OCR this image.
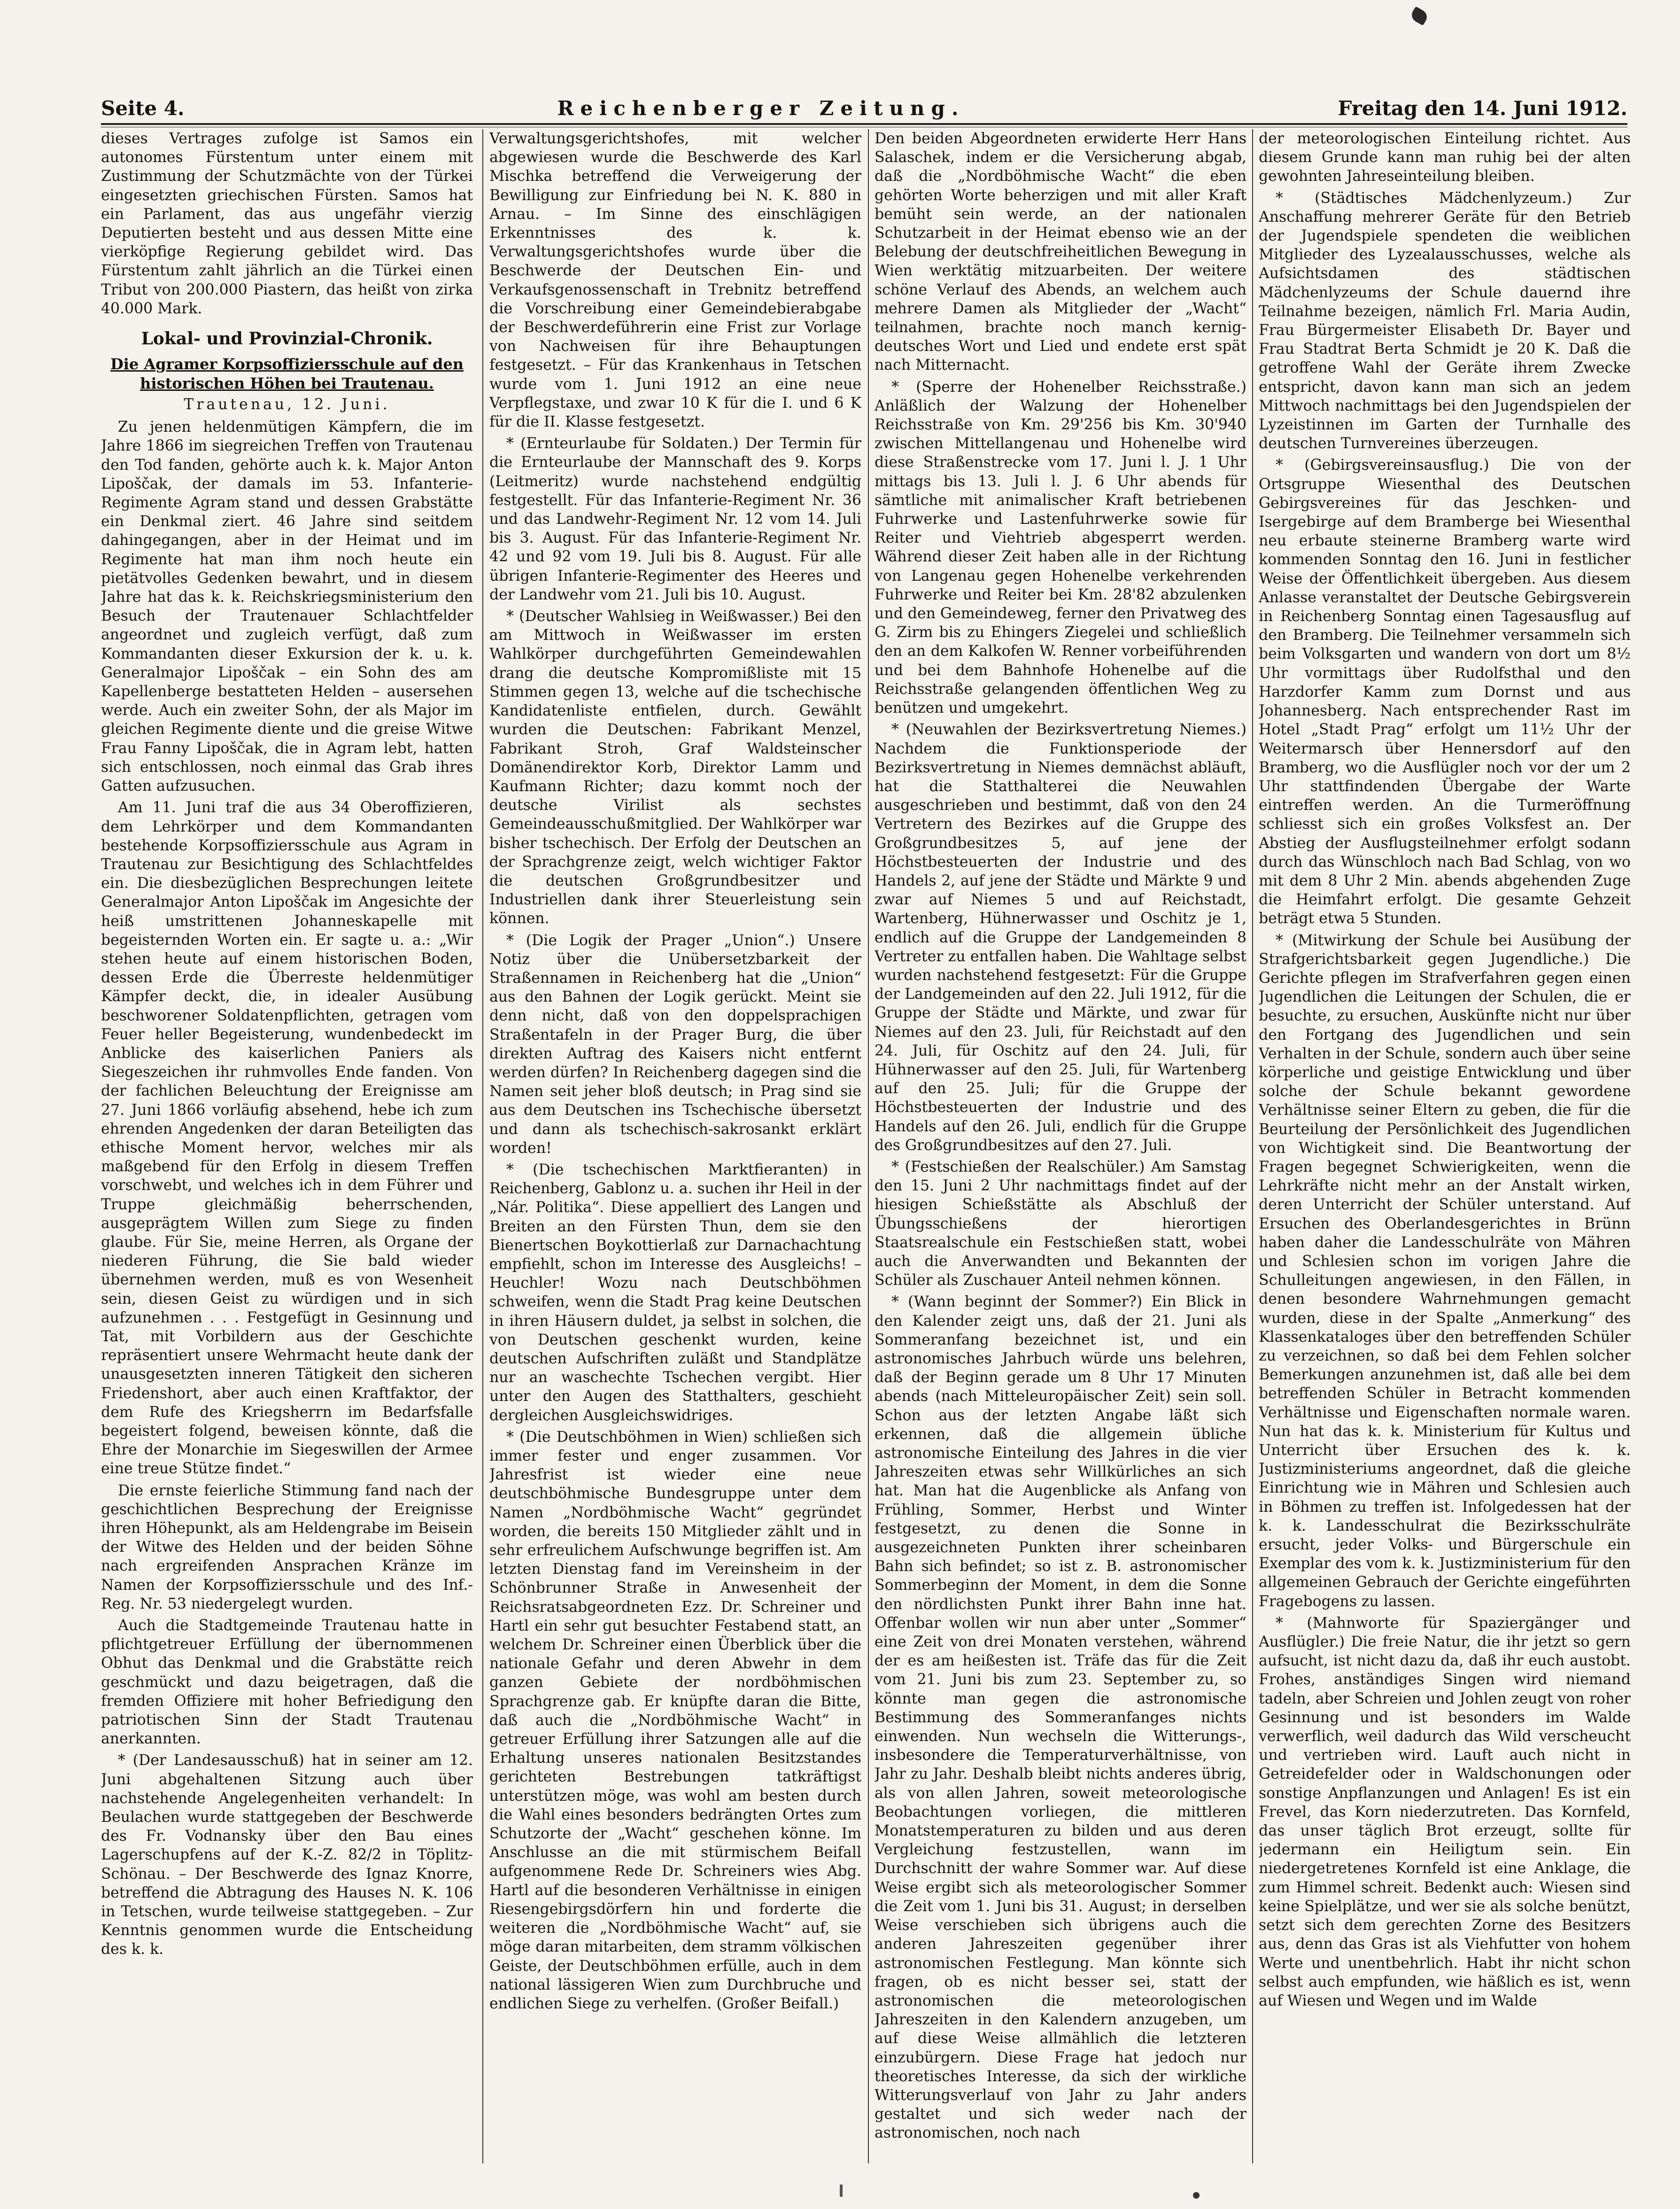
Seite 4.	Reichenberger Zeitung.	Freitag den 14. Juni 1912.

dieses Vertrages zufolge ist Samos ein autonomes Fürstentum unter einem mit Zustimmung der Schutzmächte von der Türkei eingesetzten griechischen Fürsten. Samos hat ein Parlament, das aus ungefähr vierzig Deputierten besteht und aus dessen Mitte eine vierköpfige Regierung gebildet wird. Das Fürstentum zahlt jährlich an die Türkei einen Tribut von 200.000 Piastern, das heißt von zirka 40.000 Mark.

Lokal- und Provinzial-Chronik.
Die Agramer Korpsoffiziersschule auf den historischen Höhen bei Trautenau.

Trautenau, 12. Juni.

Zu jenen heldenmütigen Kämpfern, die im Jahre 1866 im siegreichen Treffen von Trautenau den Tod fanden, gehörte auch k. k. Major Anton Lipoščak, der damals im 53. Infanterie-Regimente Agram stand und dessen Grabstätte ein Denkmal ziert. 46 Jahre sind seitdem dahingegangen, aber in der Heimat und im Regimente hat man ihm noch heute ein pietätvolles Gedenken bewahrt, und in diesem Jahre hat das k. k. Reichskriegsministerium den Besuch der Trautenauer Schlachtfelder angeordnet und zugleich verfügt, daß zum Kommandanten dieser Exkursion der k. u. k. Generalmajor Lipoščak – ein Sohn des am Kapellenberge bestatteten Helden – ausersehen werde. Auch ein zweiter Sohn, der als Major im gleichen Regimente diente und die greise Witwe Frau Fanny Lipoščak, die in Agram lebt, hatten sich entschlossen, noch einmal das Grab ihres Gatten aufzusuchen.

Am 11. Juni traf die aus 34 Oberoffizieren, dem Lehrkörper und dem Kommandanten bestehende Korpsoffiziersschule aus Agram in Trautenau zur Besichtigung des Schlachtfeldes ein. Die diesbezüglichen Besprechungen leitete Generalmajor Anton Lipoščak im Angesichte der heiß umstrittenen Johanneskapelle mit begeisternden Worten ein. Er sagte u. a.: „Wir stehen heute auf einem historischen Boden, dessen Erde die Überreste heldenmütiger Kämpfer deckt, die, in idealer Ausübung beschworener Soldatenpflichten, getragen vom Feuer heller Begeisterung, wundenbedeckt im Anblicke des kaiserlichen Paniers als Siegeszeichen ihr ruhmvolles Ende fanden. Von der fachlichen Beleuchtung der Ereignisse am 27. Juni 1866 vorläufig absehend, hebe ich zum ehrenden Angedenken der daran Beteiligten das ethische Moment hervor, welches mir als maßgebend für den Erfolg in diesem Treffen vorschwebt, und welches ich in dem Führer und Truppe gleichmäßig beherrschenden, ausgeprägtem Willen zum Siege zu finden glaube. Für Sie, meine Herren, als Organe der niederen Führung, die Sie bald wieder übernehmen werden, muß es von Wesenheit sein, diesen Geist zu würdigen und in sich aufzunehmen . . . Festgefügt in Gesinnung und Tat, mit Vorbildern aus der Geschichte repräsentiert unsere Wehrmacht heute dank der unausgesetzten inneren Tätigkeit den sicheren Friedenshort, aber auch einen Kraftfaktor, der dem Rufe des Kriegsherrn im Bedarfsfalle begeistert folgend, beweisen könnte, daß die Ehre der Monarchie im Siegeswillen der Armee eine treue Stütze findet.“

Die ernste feierliche Stimmung fand nach der geschichtlichen Besprechung der Ereignisse ihren Höhepunkt, als am Heldengrabe im Beisein der Witwe des Helden und der beiden Söhne nach ergreifenden Ansprachen Kränze im Namen der Korpsoffiziersschule und des Inf.-Reg. Nr. 53 niedergelegt wurden.

Auch die Stadtgemeinde Trautenau hatte in pflichtgetreuer Erfüllung der übernommenen Obhut das Denkmal und die Grabstätte reich geschmückt und dazu beigetragen, daß die fremden Offiziere mit hoher Befriedigung den patriotischen Sinn der Stadt Trautenau anerkannten.

* (Der Landesausschuß) hat in seiner am 12. Juni abgehaltenen Sitzung auch über nachstehende Angelegenheiten verhandelt: In Beulachen wurde stattgegeben der Beschwerde des Fr. Vodnansky über den Bau eines Lagerschupfens auf der K.-Z. 82/2 in Töplitz-Schönau. – Der Beschwerde des Ignaz Knorre, betreffend die Abtragung des Hauses N. K. 106 in Tetschen, wurde teilweise stattgegeben. – Zur Kenntnis genommen wurde die Entscheidung des k. k.

Verwaltungsgerichtshofes, mit welcher abgewiesen wurde die Beschwerde des Karl Mischka betreffend die Verweigerung der Bewilligung zur Einfriedung bei N. K. 880 in Arnau. – Im Sinne des einschlägigen Erkenntnisses des k. k. Verwaltungsgerichtshofes wurde über die Beschwerde der Deutschen Ein- und Verkaufsgenossenschaft in Trebnitz betreffend die Vorschreibung einer Gemeindebierabgabe der Beschwerdeführerin eine Frist zur Vorlage von Nachweisen für ihre Behauptungen festgesetzt. – Für das Krankenhaus in Tetschen wurde vom 1. Juni 1912 an eine neue Verpflegstaxe, und zwar 10 K für die I. und 6 K für die II. Klasse festgesetzt.

* (Ernteurlaube für Soldaten.) Der Termin für die Ernteurlaube der Mannschaft des 9. Korps (Leitmeritz) wurde nachstehend endgültig festgestellt. Für das Infanterie-Regiment Nr. 36 und das Landwehr-Regiment Nr. 12 vom 14. Juli bis 3. August. Für das Infanterie-Regiment Nr. 42 und 92 vom 19. Juli bis 8. August. Für alle übrigen Infanterie-Regimenter des Heeres und der Landwehr vom 21. Juli bis 10. August.

* (Deutscher Wahlsieg in Weißwasser.) Bei den am Mittwoch in Weißwasser im ersten Wahlkörper durchgeführten Gemeindewahlen drang die deutsche Kompromißliste mit 15 Stimmen gegen 13, welche auf die tschechische Kandidatenliste entfielen, durch. Gewählt wurden die Deutschen: Fabrikant Menzel, Fabrikant Stroh, Graf Waldsteinscher Domänendirektor Korb, Direktor Lamm und Kaufmann Richter; dazu kommt noch der deutsche Virilist als sechstes Gemeindeausschußmitglied. Der Wahlkörper war bisher tschechisch. Der Erfolg der Deutschen an der Sprachgrenze zeigt, welch wichtiger Faktor die deutschen Großgrundbesitzer und Industriellen dank ihrer Steuerleistung sein können.

* (Die Logik der Prager „Union“.) Unsere Notiz über die Unübersetzbarkeit der Straßennamen in Reichenberg hat die „Union“ aus den Bahnen der Logik gerückt. Meint sie denn nicht, daß von den doppelsprachigen Straßentafeln in der Prager Burg, die über direkten Auftrag des Kaisers nicht entfernt werden dürfen? In Reichenberg dagegen sind die Namen seit jeher bloß deutsch; in Prag sind sie aus dem Deutschen ins Tschechische übersetzt und dann als tschechisch-sakrosankt erklärt worden!

* (Die tschechischen Marktfieranten) in Reichenberg, Gablonz u. a. suchen ihr Heil in der „Nár. Politika“. Diese appelliert des Langen und Breiten an den Fürsten Thun, dem sie den Bienertschen Boykottierlaß zur Darnachachtung empfiehlt, schon im Interesse des Ausgleichs! – Heuchler! Wozu nach Deutschböhmen schweifen, wenn die Stadt Prag keine Deutschen in ihren Häusern duldet, ja selbst in solchen, die von Deutschen geschenkt wurden, keine deutschen Aufschriften zuläßt und Standplätze nur an waschechte Tschechen vergibt. Hier unter den Augen des Statthalters, geschieht dergleichen Ausgleichswidriges.

* (Die Deutschböhmen in Wien) schließen sich immer fester und enger zusammen. Vor Jahresfrist ist wieder eine neue deutschböhmische Bundesgruppe unter dem Namen „Nordböhmische Wacht“ gegründet worden, die bereits 150 Mitglieder zählt und in sehr erfreulichem Aufschwunge begriffen ist. Am letzten Dienstag fand im Vereinsheim in der Schönbrunner Straße in Anwesenheit der Reichsratsabgeordneten Ezz. Dr. Schreiner und Hartl ein sehr gut besuchter Festabend statt, an welchem Dr. Schreiner einen Überblick über die nationale Gefahr und deren Abwehr in dem ganzen Gebiete der nordböhmischen Sprachgrenze gab. Er knüpfte daran die Bitte, daß auch die „Nordböhmische Wacht“ in getreuer Erfüllung ihrer Satzungen alle auf die Erhaltung unseres nationalen Besitzstandes gerichteten Bestrebungen tatkräftigst unterstützen möge, was wohl am besten durch die Wahl eines besonders bedrängten Ortes zum Schutzorte der „Wacht“ geschehen könne. Im Anschlusse an die mit stürmischem Beifall aufgenommene Rede Dr. Schreiners wies Abg. Hartl auf die besonderen Verhältnisse in einigen Riesengebirgsdörfern hin und forderte die weiteren die „Nordböhmische Wacht“ auf, sie möge daran mitarbeiten, dem stramm völkischen Geiste, der Deutschböhmen erfülle, auch in dem national lässigeren Wien zum Durchbruche und endlichen Siege zu verhelfen. (Großer Beifall.)

Den beiden Abgeordneten erwiderte Herr Hans Salaschek, indem er die Versicherung abgab, daß die „Nordböhmische Wacht“ die eben gehörten Worte beherzigen und mit aller Kraft bemüht sein werde, an der nationalen Schutzarbeit in der Heimat ebenso wie an der Belebung der deutschfreiheitlichen Bewegung in Wien werktätig mitzuarbeiten. Der weitere schöne Verlauf des Abends, an welchem auch mehrere Damen als Mitglieder der „Wacht“ teilnahmen, brachte noch manch kernig-deutsches Wort und Lied und endete erst spät nach Mitternacht.

* (Sperre der Hohenelber Reichsstraße.) Anläßlich der Walzung der Hohenelber Reichsstraße von Km. 29'256 bis Km. 30'940 zwischen Mittellangenau und Hohenelbe wird diese Straßenstrecke vom 17. Juni l. J. 1 Uhr mittags bis 13. Juli l. J. 6 Uhr abends für sämtliche mit animalischer Kraft betriebenen Fuhrwerke und Lastenfuhrwerke sowie für Reiter und Viehtrieb abgesperrt werden. Während dieser Zeit haben alle in der Richtung von Langenau gegen Hohenelbe verkehrenden Fuhrwerke und Reiter bei Km. 28'82 abzulenken und den Gemeindeweg, ferner den Privatweg des G. Zirm bis zu Ehingers Ziegelei und schließlich den an dem Kalkofen W. Renner vorbeiführenden und bei dem Bahnhofe Hohenelbe auf die Reichsstraße gelangenden öffentlichen Weg zu benützen und umgekehrt.

* (Neuwahlen der Bezirksvertretung Niemes.) Nachdem die Funktionsperiode der Bezirksvertretung in Niemes demnächst abläuft, hat die Statthalterei die Neuwahlen ausgeschrieben und bestimmt, daß von den 24 Vertretern des Bezirkes auf die Gruppe des Großgrundbesitzes 5, auf jene der Höchstbesteuerten der Industrie und des Handels 2, auf jene der Städte und Märkte 9 und zwar auf Niemes 5 und auf Reichstadt, Wartenberg, Hühnerwasser und Oschitz je 1, endlich auf die Gruppe der Landgemeinden 8 Vertreter zu entfallen haben. Die Wahltage selbst wurden nachstehend festgesetzt: Für die Gruppe der Landgemeinden auf den 22. Juli 1912, für die Gruppe der Städte und Märkte, und zwar für Niemes auf den 23. Juli, für Reichstadt auf den 24. Juli, für Oschitz auf den 24. Juli, für Hühnerwasser auf den 25. Juli, für Wartenberg auf den 25. Juli; für die Gruppe der Höchstbesteuerten der Industrie und des Handels auf den 26. Juli, endlich für die Gruppe des Großgrundbesitzes auf den 27. Juli.

* (Festschießen der Realschüler.) Am Samstag den 15. Juni 2 Uhr nachmittags findet auf der hiesigen Schießstätte als Abschluß der Übungsschießens der hierortigen Staatsrealschule ein Festschießen statt, wobei auch die Anverwandten und Bekannten der Schüler als Zuschauer Anteil nehmen können.

* (Wann beginnt der Sommer?) Ein Blick in den Kalender zeigt uns, daß der 21. Juni als Sommeranfang bezeichnet ist, und ein astronomisches Jahrbuch würde uns belehren, daß der Beginn gerade um 8 Uhr 17 Minuten abends (nach Mitteleuropäischer Zeit) sein soll. Schon aus der letzten Angabe läßt sich erkennen, daß die allgemein übliche astronomische Einteilung des Jahres in die vier Jahreszeiten etwas sehr Willkürliches an sich hat. Man hat die Augenblicke als Anfang von Frühling, Sommer, Herbst und Winter festgesetzt, zu denen die Sonne in ausgezeichneten Punkten ihrer scheinbaren Bahn sich befindet; so ist z. B. astronomischer Sommerbeginn der Moment, in dem die Sonne den nördlichsten Punkt ihrer Bahn inne hat. Offenbar wollen wir nun aber unter „Sommer“ eine Zeit von drei Monaten verstehen, während der es am heißesten ist. Träfe das für die Zeit vom 21. Juni bis zum 23. September zu, so könnte man gegen die astronomische Bestimmung des Sommeranfanges nichts einwenden. Nun wechseln die Witterungs-, insbesondere die Temperaturverhältnisse, von Jahr zu Jahr. Deshalb bleibt nichts anderes übrig, als von allen Jahren, soweit meteorologische Beobachtungen vorliegen, die mittleren Monatstemperaturen zu bilden und aus deren Vergleichung festzustellen, wann im Durchschnitt der wahre Sommer war. Auf diese Weise ergibt sich als meteorologischer Sommer die Zeit vom 1. Juni bis 31. August; in derselben Weise verschieben sich übrigens auch die anderen Jahreszeiten gegenüber ihrer astronomischen Festlegung. Man könnte sich fragen, ob es nicht besser sei, statt der astronomischen die meteorologischen Jahreszeiten in den Kalendern anzugeben, um auf diese Weise allmählich die letzteren einzubürgern. Diese Frage hat jedoch nur theoretisches Interesse, da sich der wirkliche Witterungsverlauf von Jahr zu Jahr anders gestaltet und sich weder nach der astronomischen, noch nach

der meteorologischen Einteilung richtet. Aus diesem Grunde kann man ruhig bei der alten gewohnten Jahreseinteilung bleiben.

* (Städtisches Mädchenlyzeum.) Zur Anschaffung mehrerer Geräte für den Betrieb der Jugendspiele spendeten die weiblichen Mitglieder des Lyzealausschusses, welche als Aufsichtsdamen des städtischen Mädchenlyzeums der Schule dauernd ihre Teilnahme bezeigen, nämlich Frl. Maria Audin, Frau Bürgermeister Elisabeth Dr. Bayer und Frau Stadtrat Berta Schmidt je 20 K. Daß die getroffene Wahl der Geräte ihrem Zwecke entspricht, davon kann man sich an jedem Mittwoch nachmittags bei den Jugendspielen der Lyzeistinnen im Garten der Turnhalle des deutschen Turnvereines überzeugen.

* (Gebirgsvereinsausflug.) Die von der Ortsgruppe Wiesenthal des Deutschen Gebirgsvereines für das Jeschken- und Isergebirge auf dem Bramberge bei Wiesenthal neu erbaute steinerne Bramberg warte wird kommenden Sonntag den 16. Juni in festlicher Weise der Öffentlichkeit übergeben. Aus diesem Anlasse veranstaltet der Deutsche Gebirgsverein in Reichenberg Sonntag einen Tagesausflug auf den Bramberg. Die Teilnehmer versammeln sich beim Volksgarten und wandern von dort um 8½ Uhr vormittags über Rudolfsthal und den Harzdorfer Kamm zum Dornst und aus Johannesberg. Nach entsprechender Rast im Hotel „Stadt Prag“ erfolgt um 11½ Uhr der Weitermarsch über Hennersdorf auf den Bramberg, wo die Ausflügler noch vor der um 2 Uhr stattfindenden Übergabe der Warte eintreffen werden. An die Turmeröffnung schliesst sich ein großes Volksfest an. Der Abstieg der Ausflugsteilnehmer erfolgt sodann durch das Wünschloch nach Bad Schlag, von wo mit dem 8 Uhr 2 Min. abends abgehenden Zuge die Heimfahrt erfolgt. Die gesamte Gehzeit beträgt etwa 5 Stunden.

* (Mitwirkung der Schule bei Ausübung der Strafgerichtsbarkeit gegen Jugendliche.) Die Gerichte pflegen im Strafverfahren gegen einen Jugendlichen die Leitungen der Schulen, die er besuchte, zu ersuchen, Auskünfte nicht nur über den Fortgang des Jugendlichen und sein Verhalten in der Schule, sondern auch über seine körperliche und geistige Entwicklung und über solche der Schule bekannt gewordene Verhältnisse seiner Eltern zu geben, die für die Beurteilung der Persönlichkeit des Jugendlichen von Wichtigkeit sind. Die Beantwortung der Fragen begegnet Schwierigkeiten, wenn die Lehrkräfte nicht mehr an der Anstalt wirken, deren Unterricht der Schüler unterstand. Auf Ersuchen des Oberlandesgerichtes in Brünn haben daher die Landesschulräte von Mähren und Schlesien schon im vorigen Jahre die Schulleitungen angewiesen, in den Fällen, in denen besondere Wahrnehmungen gemacht wurden, diese in der Spalte „Anmerkung“ des Klassenkataloges über den betreffenden Schüler zu verzeichnen, so daß bei dem Fehlen solcher Bemerkungen anzunehmen ist, daß alle bei dem betreffenden Schüler in Betracht kommenden Verhältnisse und Eigenschaften normale waren. Nun hat das k. k. Ministerium für Kultus und Unterricht über Ersuchen des k. k. Justizministeriums angeordnet, daß die gleiche Einrichtung wie in Mähren und Schlesien auch in Böhmen zu treffen ist. Infolgedessen hat der k. k. Landesschulrat die Bezirksschulräte ersucht, jeder Volks- und Bürgerschule ein Exemplar des vom k. k. Justizministerium für den allgemeinen Gebrauch der Gerichte eingeführten Fragebogens zu lassen.

* (Mahnworte für Spaziergänger und Ausflügler.) Die freie Natur, die ihr jetzt so gern aufsucht, ist nicht dazu da, daß ihr euch austobt. Frohes, anständiges Singen wird niemand tadeln, aber Schreien und Johlen zeugt von roher Gesinnung und ist besonders im Walde verwerflich, weil dadurch das Wild verscheucht und vertrieben wird. Lauft auch nicht in Getreidefelder oder in Waldschonungen oder sonstige Anpflanzungen und Anlagen! Es ist ein Frevel, das Korn niederzutreten. Das Kornfeld, das unser täglich Brot erzeugt, sollte für jedermann ein Heiligtum sein. Ein niedergetretenes Kornfeld ist eine Anklage, die zum Himmel schreit. Bedenkt auch: Wiesen sind keine Spielplätze, und wer sie als solche benützt, setzt sich dem gerechten Zorne des Besitzers aus, denn das Gras ist als Viehfutter von hohem Werte und unentbehrlich. Habt ihr nicht schon selbst auch empfunden, wie häßlich es ist, wenn auf Wiesen und Wegen und im Walde
